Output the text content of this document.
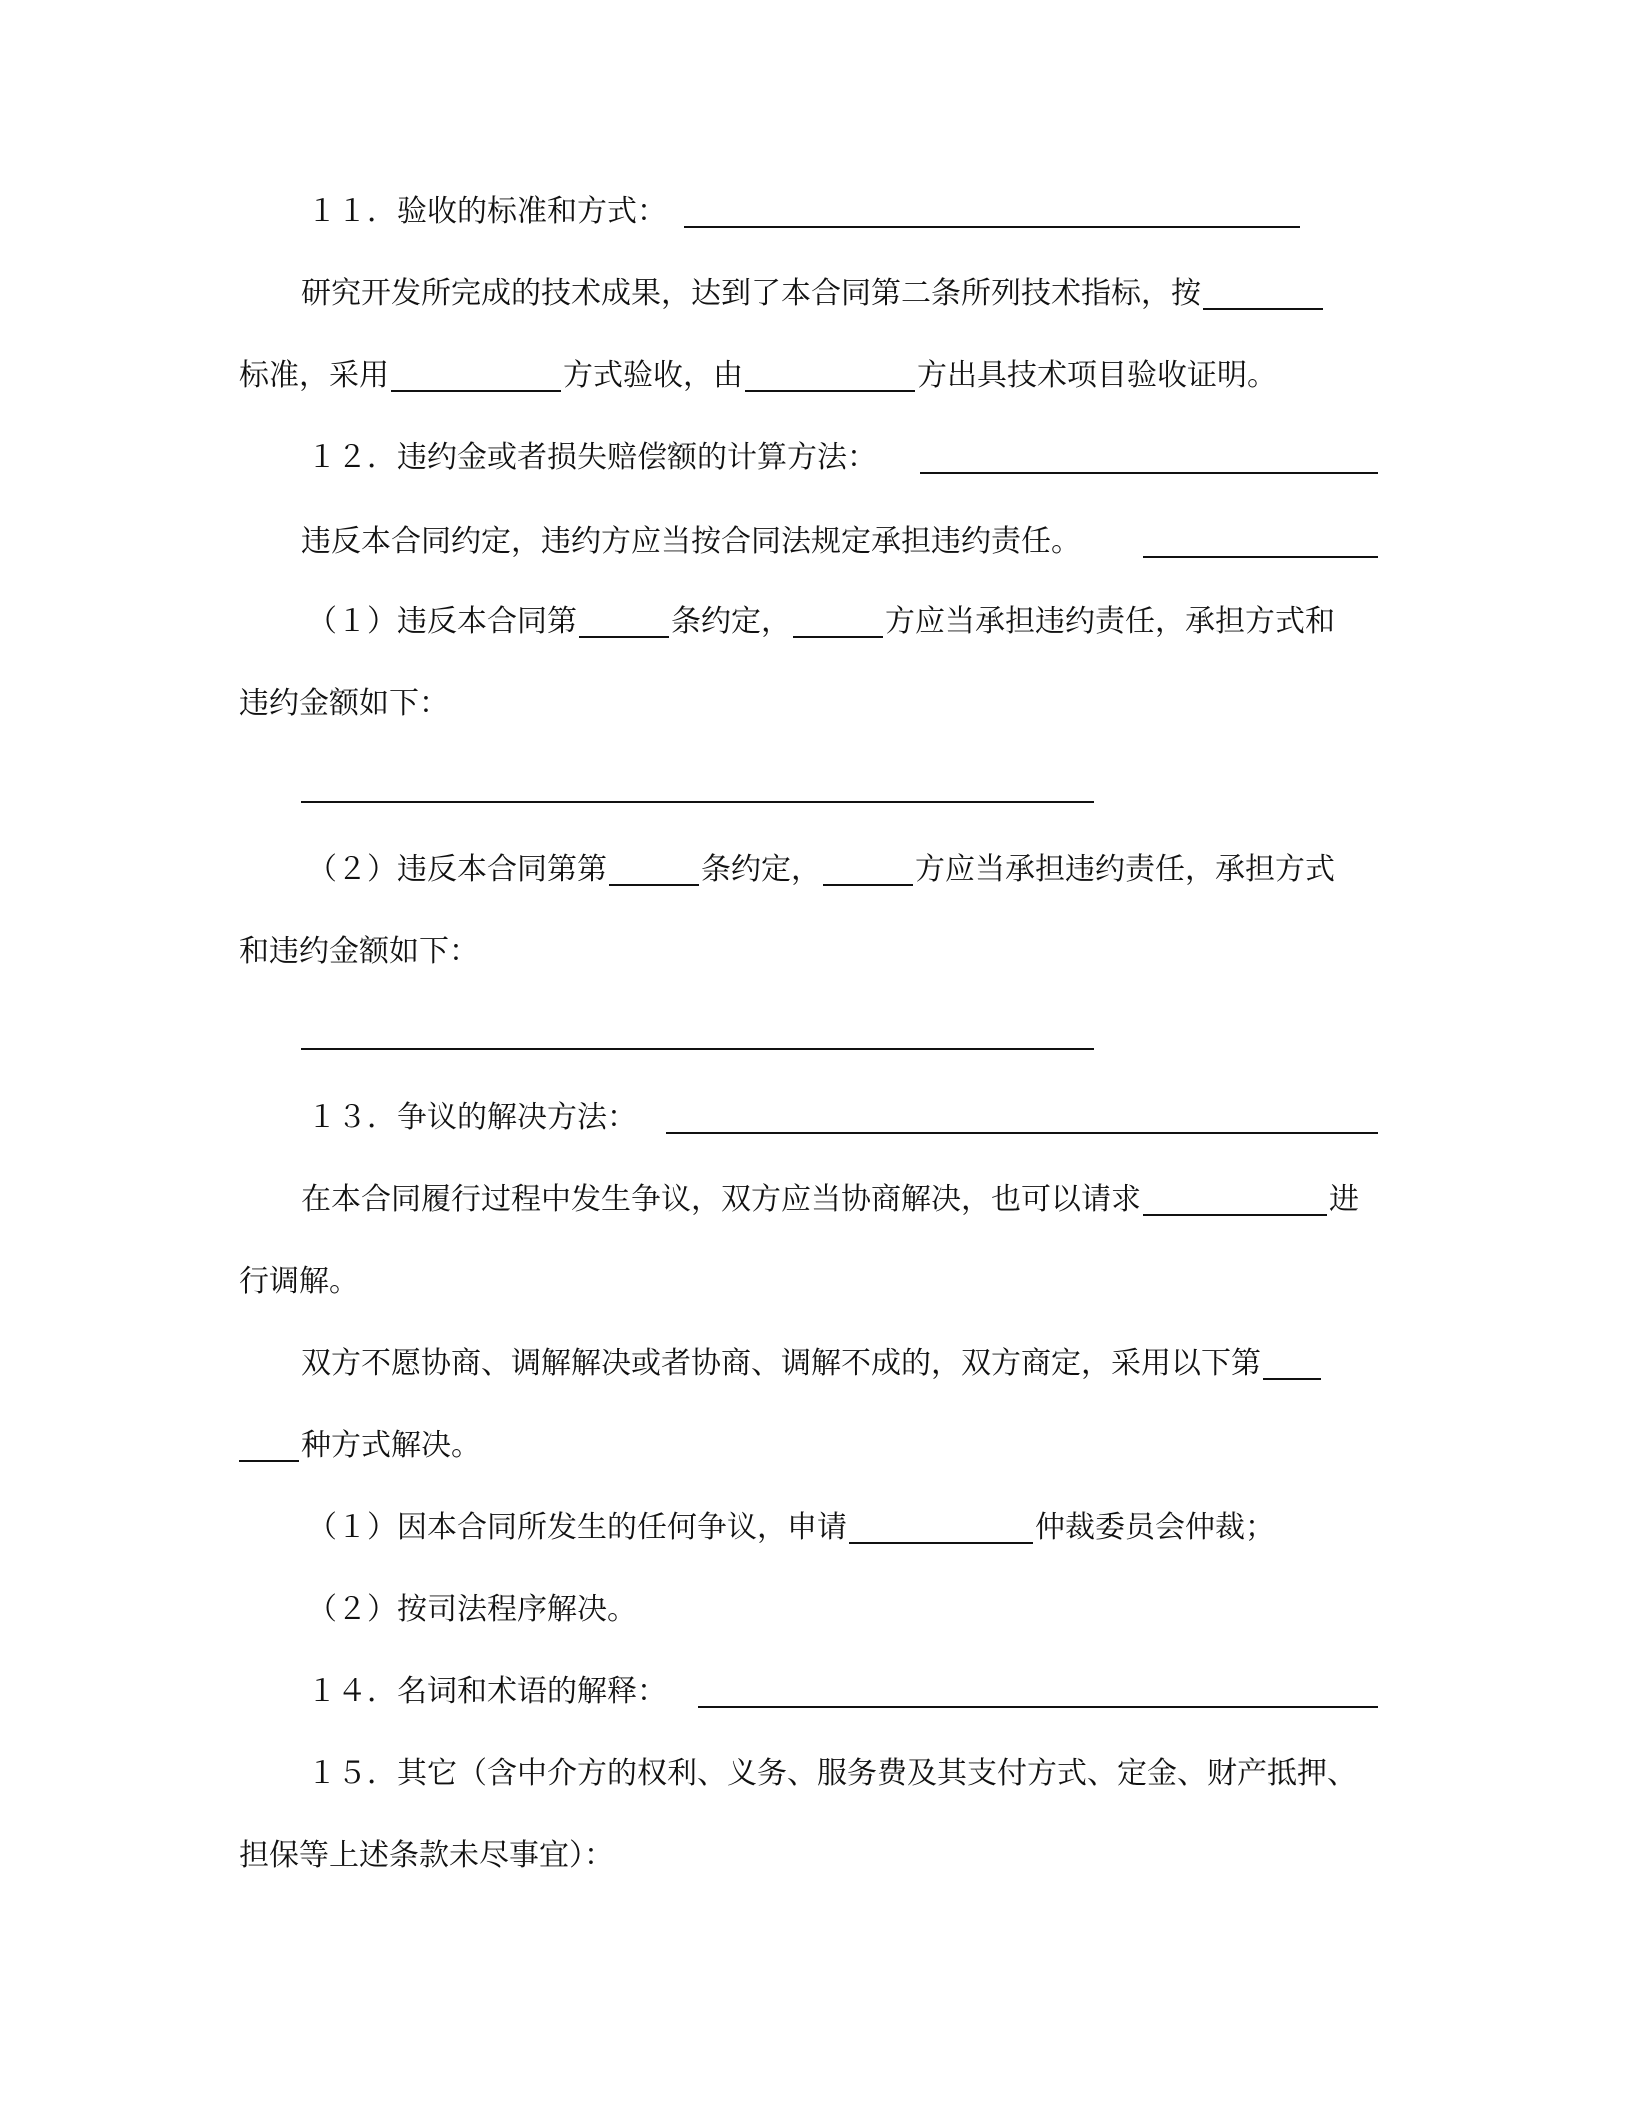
１１．验收的标准和方式：
研究开发所完成的技术成果，达到了本合同第二条所列技术指标，按
标准，采用	方式验收，由	方出具技术项目验收证明。
１２．违约金或者损失赔偿额的计算方法：
违反本合同约定，违约方应当按合同法规定承担违约责任。
（１）违反本合同第	条约定，	方应当承担违约责任，承担方式和
违约金额如下：
（２）违反本合同第第	条约定，	方应当承担违约责任，承担方式
和违约金额如下：
１３．争议的解决方法：
在本合同履行过程中发生争议，双方应当协商解决，也可以请求	进
行调解。
双方不愿协商、调解解决或者协商、调解不成的，双方商定，采用以下第
种方式解决。
（１）因本合同所发生的任何争议，申请	仲裁委员会仲裁；
（２）按司法程序解决。
１４．名词和术语的解释：
１５．其它（含中介方的权利、义务、服务费及其支付方式、定金、财产抵押、
担保等上述条款未尽事宜）：
